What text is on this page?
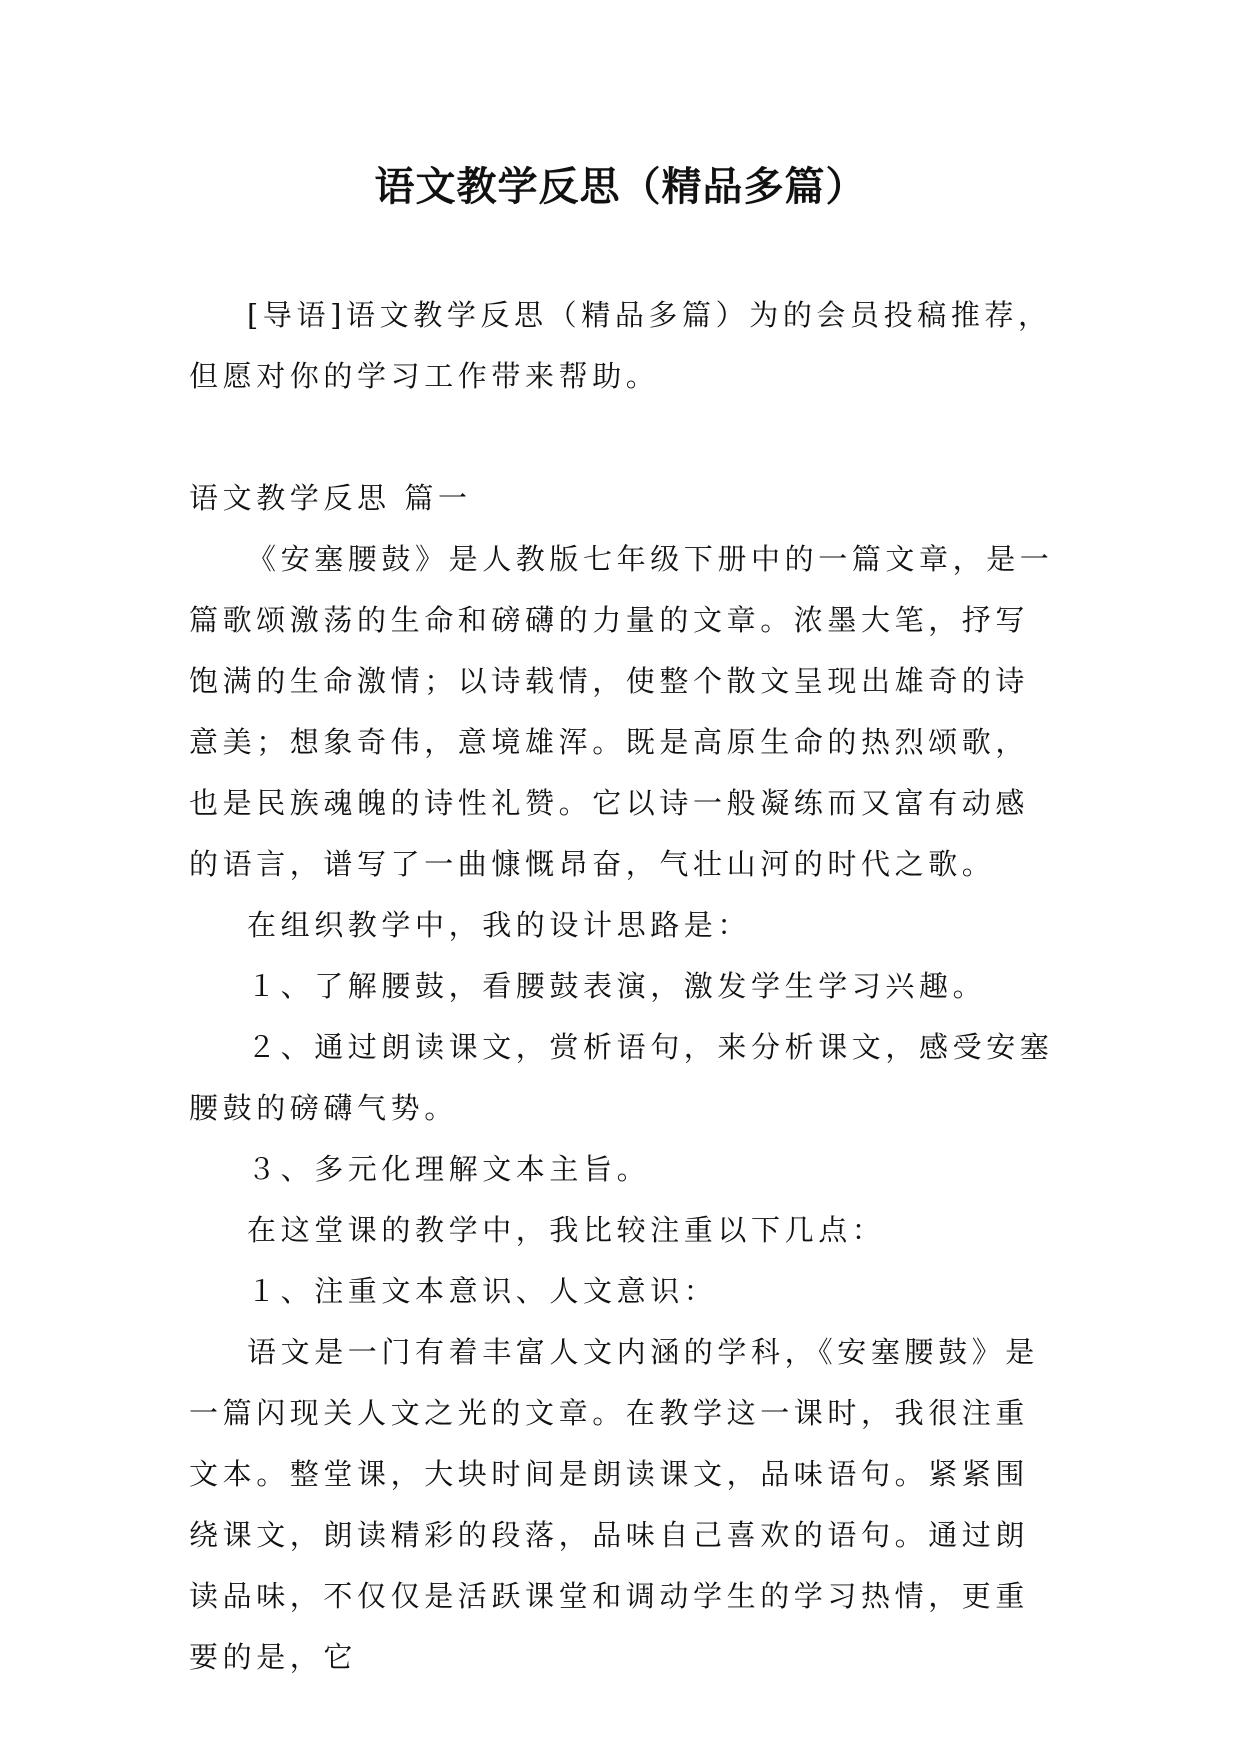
语文教学反思（精品多篇）

[导语]语文教学反思（精品多篇）为的会员投稿推荐，但愿对你的学习工作带来帮助。

语文教学反思 篇一

《安塞腰鼓》是人教版七年级下册中的一篇文章，是一篇歌颂激荡的生命和磅礴的力量的文章。浓墨大笔，抒写饱满的生命激情；以诗载情，使整个散文呈现出雄奇的诗意美；想象奇伟，意境雄浑。既是高原生命的热烈颂歌，也是民族魂魄的诗性礼赞。它以诗一般凝练而又富有动感的语言，谱写了一曲慷慨昂奋，气壮山河的时代之歌。

在组织教学中，我的设计思路是：

１、了解腰鼓，看腰鼓表演，激发学生学习兴趣。

２、通过朗读课文，赏析语句，来分析课文，感受安塞腰鼓的磅礴气势。

３、多元化理解文本主旨。

在这堂课的教学中，我比较注重以下几点：

１、注重文本意识、人文意识：

语文是一门有着丰富人文内涵的学科，《安塞腰鼓》是一篇闪现关人文之光的文章。在教学这一课时，我很注重文本。整堂课，大块时间是朗读课文，品味语句。紧紧围绕课文，朗读精彩的段落，品味自己喜欢的语句。通过朗读品味，不仅仅是活跃课堂和调动学生的学习热情，更重要的是，它
